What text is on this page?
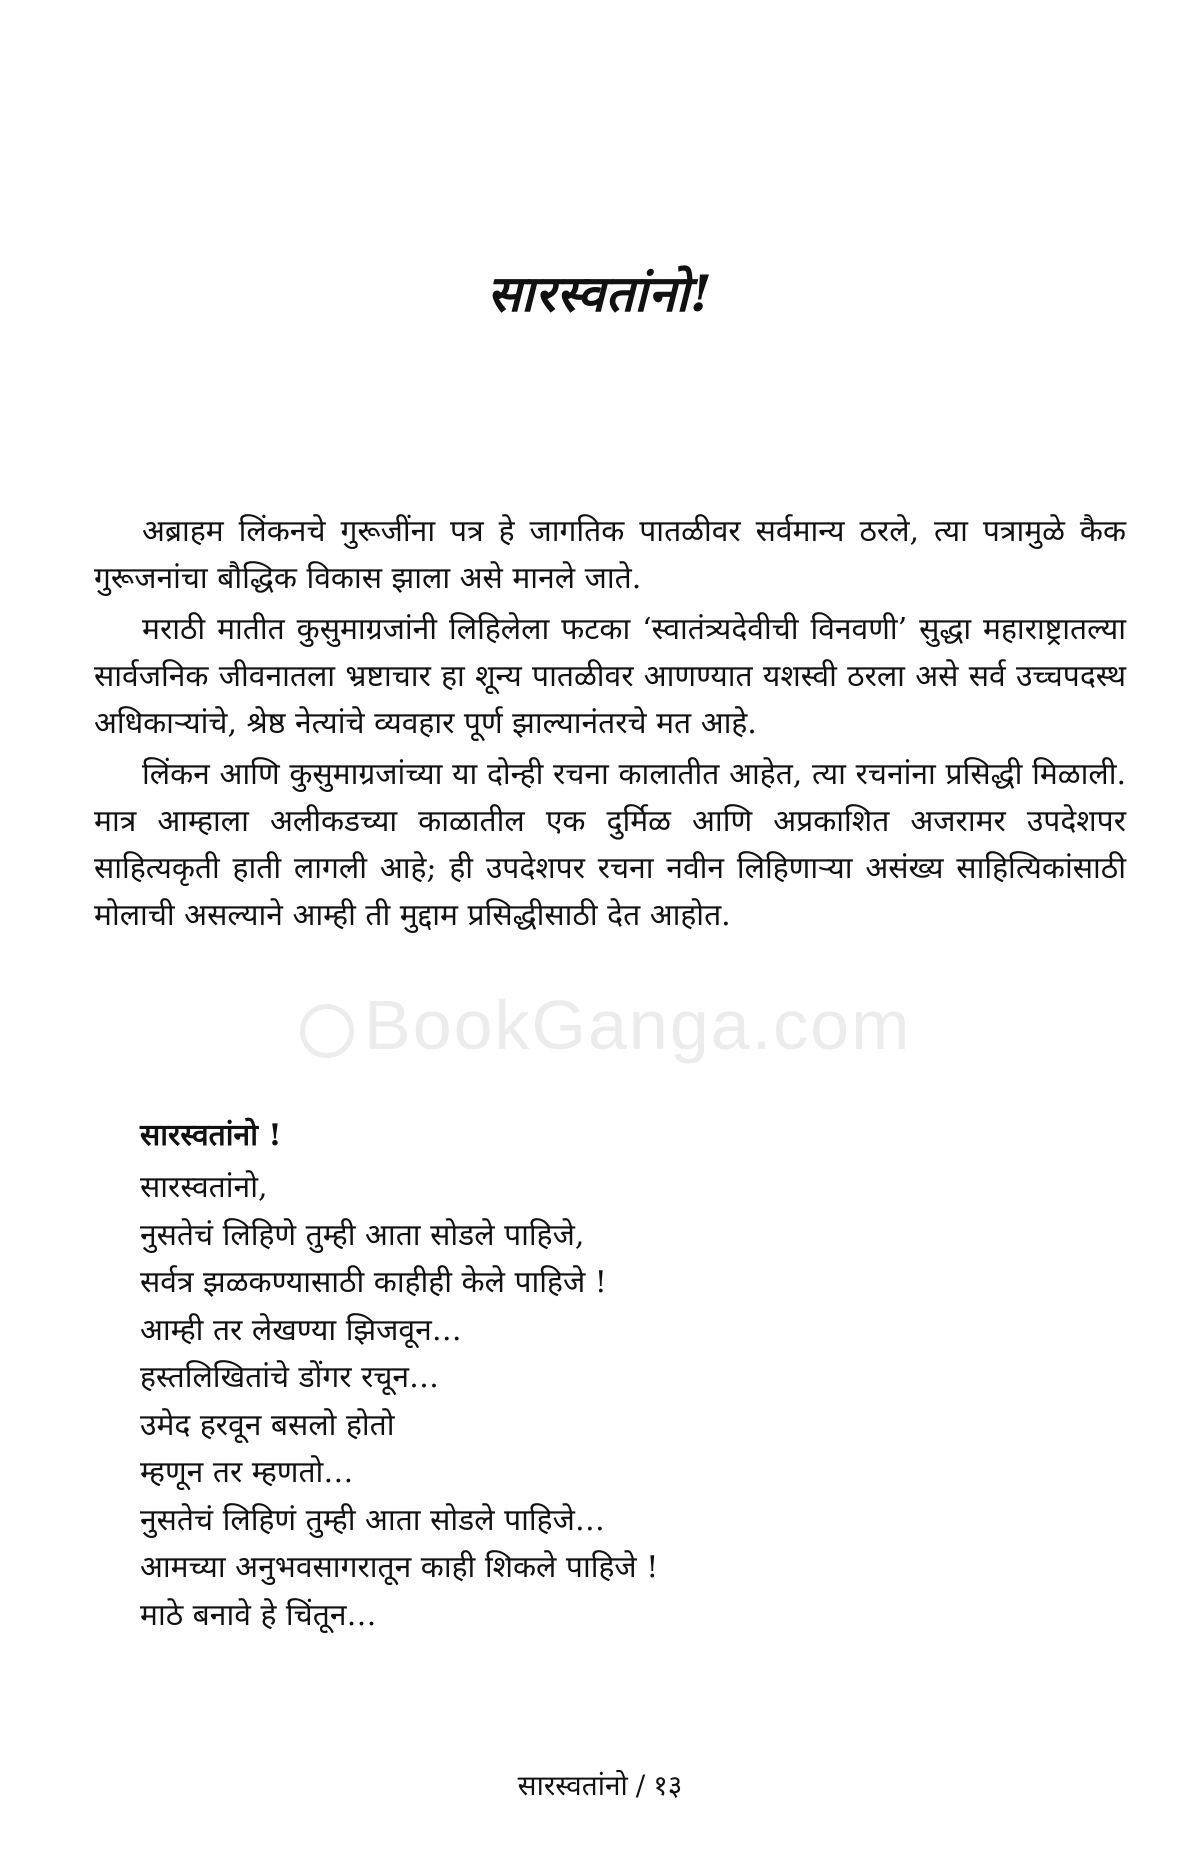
सारस्वतांनो!

अब्राहम लिंकनचे गुरूजींना पत्र हे जागतिक पातळीवर सर्वमान्य ठरले, त्या पत्रामुळे कैक गुरूजनांचा बौद्धिक विकास झाला असे मानले जाते.

मराठी मातीत कुसुमाग्रजांनी लिहिलेला फटका ‘स्वातंत्र्यदेवीची विनवणी’ सुद्धा महाराष्ट्रातल्या सार्वजनिक जीवनातला भ्रष्टाचार हा शून्य पातळीवर आणण्यात यशस्वी ठरला असे सर्व उच्चपदस्थ अधिकाऱ्यांचे, श्रेष्ठ नेत्यांचे व्यवहार पूर्ण झाल्यानंतरचे मत आहे.

लिंकन आणि कुसुमाग्रजांच्या या दोन्ही रचना कालातीत आहेत, त्या रचनांना प्रसिद्धी मिळाली. मात्र आम्हाला अलीकडच्या काळातील एक दुर्मिळ आणि अप्रकाशित अजरामर उपदेशपर साहित्यकृती हाती लागली आहे; ही उपदेशपर रचना नवीन लिहिणाऱ्या असंख्य साहित्यिकांसाठी मोलाची असल्याने आम्ही ती मुद्दाम प्रसिद्धीसाठी देत आहोत.

BookGanga.com
सारस्वतांनो !
सारस्वतांनो,
नुसतेचं लिहिणे तुम्ही आता सोडले पाहिजे,
सर्वत्र झळकण्यासाठी काहीही केले पाहिजे !
आम्ही तर लेखण्या झिजवून…
हस्तलिखितांचे डोंगर रचून…
उमेद हरवून बसलो होतो
म्हणून तर म्हणतो…
नुसतेचं लिहिणं तुम्ही आता सोडले पाहिजे…
आमच्या अनुभवसागरातून काही शिकले पाहिजे !
माठे बनावे हे चिंतून…
सारस्वतांनो / १३
